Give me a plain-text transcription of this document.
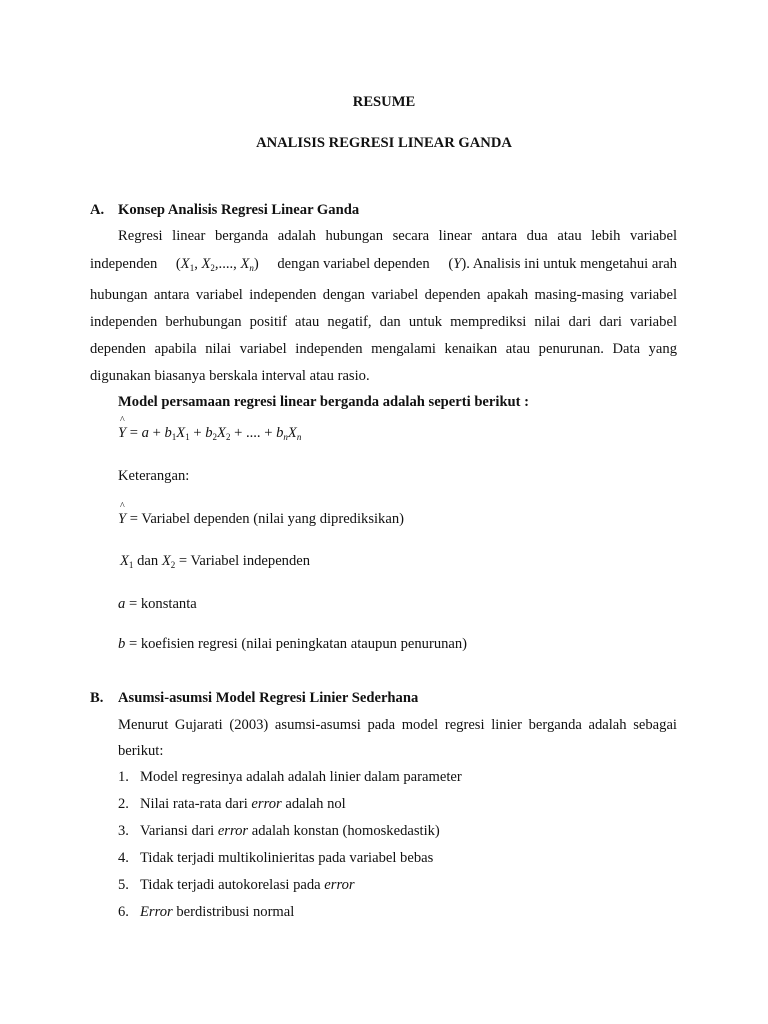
RESUME
ANALISIS REGRESI LINEAR GANDA
A. Konsep Analisis Regresi Linear Ganda
Regresi linear berganda adalah hubungan secara linear antara dua atau lebih variabel
independen ($X_1$, $X_2$,...., $X_n$) dengan variabel dependen (Y). Analisis ini untuk mengetahui arah
hubungan antara variabel independen dengan variabel dependen apakah masing-masing variabel
independen berhubungan positif atau negatif, dan untuk memprediksi nilai dari dari variabel
dependen apabila nilai variabel independen mengalami kenaikan atau penurunan. Data yang
digunakan biasanya berskala interval atau rasio.
Model persamaan regresi linear berganda adalah seperti berikut :
^ $Y = a + b_1X_1 + b_2X_2$ + .... + $b_nX_n$
Keterangan:
^ Y = Variabel dependen (nilai yang diprediksikan)
$X_1$ dan $X_2$ = Variabel independen
a = konstanta
b = koefisien regresi (nilai peningkatan ataupun penurunan)
B. Asumsi-asumsi Model Regresi Linier Sederhana
Menurut Gujarati (2003) asumsi-asumsi pada model regresi linier berganda adalah sebagai
berikut:
1. Model regresinya adalah adalah linier dalam parameter
2. Nilai rata-rata dari error adalah nol
3. Variansi dari error adalah konstan (homoskedastik)
4. Tidak terjadi multikolinieritas pada variabel bebas
5. Tidak terjadi autokorelasi pada error
6. Error berdistribusi normal
